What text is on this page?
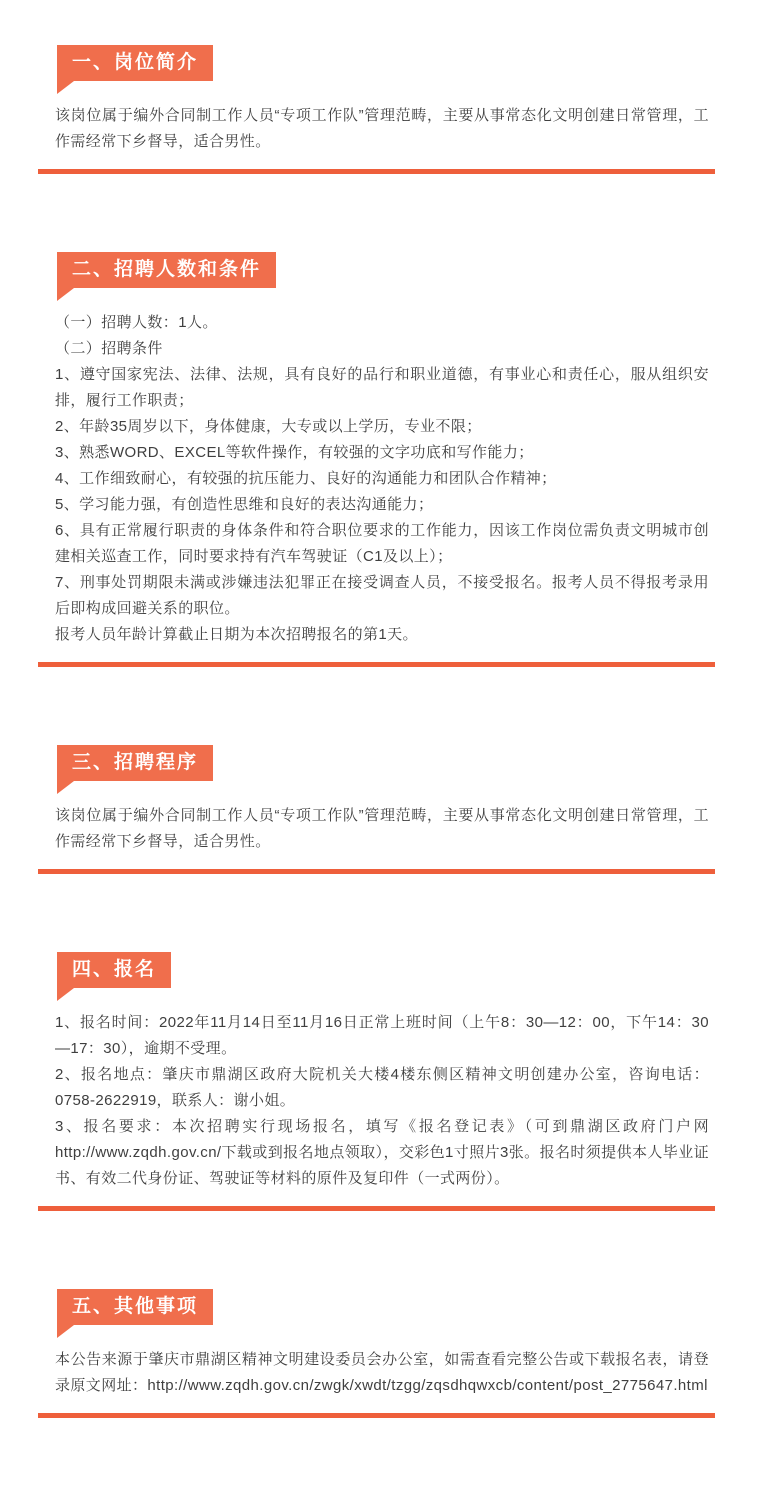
一、岗位简介

该岗位属于编外合同制工作人员“专项工作队”管理范畴，主要从事常态化文明创建日常管理，工作需经常下乡督导，适合男性。

二、招聘人数和条件

（一）招聘人数：1人。

（二）招聘条件

1、遵守国家宪法、法律、法规，具有良好的品行和职业道德，有事业心和责任心，服从组织安排，履行工作职责；

2、年龄35周岁以下，身体健康，大专或以上学历，专业不限；

3、熟悉WORD、EXCEL等软件操作，有较强的文字功底和写作能力；

4、工作细致耐心，有较强的抗压能力、良好的沟通能力和团队合作精神；

5、学习能力强，有创造性思维和良好的表达沟通能力；

6、具有正常履行职责的身体条件和符合职位要求的工作能力，因该工作岗位需负责文明城市创建相关巡查工作，同时要求持有汽车驾驶证（C1及以上）；

7、刑事处罚期限未满或涉嫌违法犯罪正在接受调查人员，不接受报名。报考人员不得报考录用后即构成回避关系的职位。

报考人员年龄计算截止日期为本次招聘报名的第1天。

三、招聘程序

该岗位属于编外合同制工作人员“专项工作队”管理范畴，主要从事常态化文明创建日常管理，工作需经常下乡督导，适合男性。

四、报名

1、报名时间：2022年11月14日至11月16日正常上班时间（上午8：30—12：00，下午14：30—17：30），逾期不受理。

2、报名地点：肇庆市鼎湖区政府大院机关大楼4楼东侧区精神文明创建办公室，咨询电话：0758-2622919，联系人：谢小姐。

3、报名要求：本次招聘实行现场报名，填写《报名登记表》（可到鼎湖区政府门户网http://www.zqdh.gov.cn/下载或到报名地点领取），交彩色1寸照片3张。报名时须提供本人毕业证书、有效二代身份证、驾驶证等材料的原件及复印件（一式两份）。

五、其他事项

本公告来源于肇庆市鼎湖区精神文明建设委员会办公室，如需查看完整公告或下载报名表，请登录原文网址：http://www.zqdh.gov.cn/zwgk/xwdt/tzgg/zqsdhqwxcb/content/post_2775647.html
